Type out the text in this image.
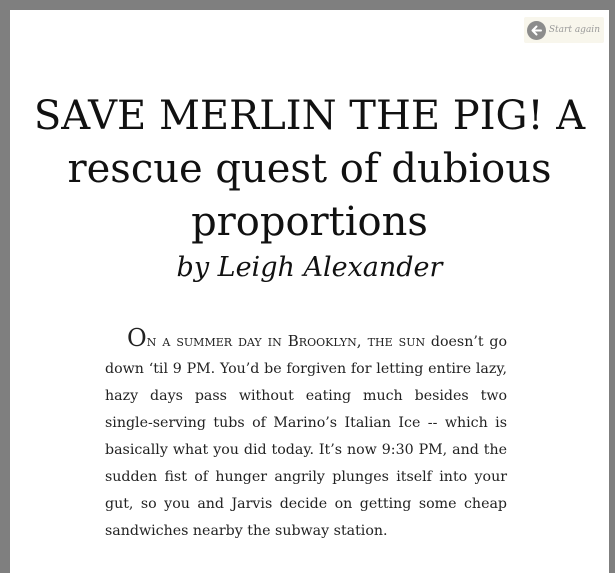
Start again
SAVE MERLIN THE PIG! A rescue quest of dubious proportions
by Leigh Alexander

On a summer day in Brooklyn, the sun doesn’t go down ‘til 9 PM. You’d be forgiven for letting entire lazy, hazy days pass without eating much besides two single-serving tubs of Marino’s Italian Ice -- which is basically what you did today. It’s now 9:30 PM, and the sudden fist of hunger angrily plunges itself into your gut, so you and Jarvis decide on getting some cheap sandwiches nearby the subway station.
